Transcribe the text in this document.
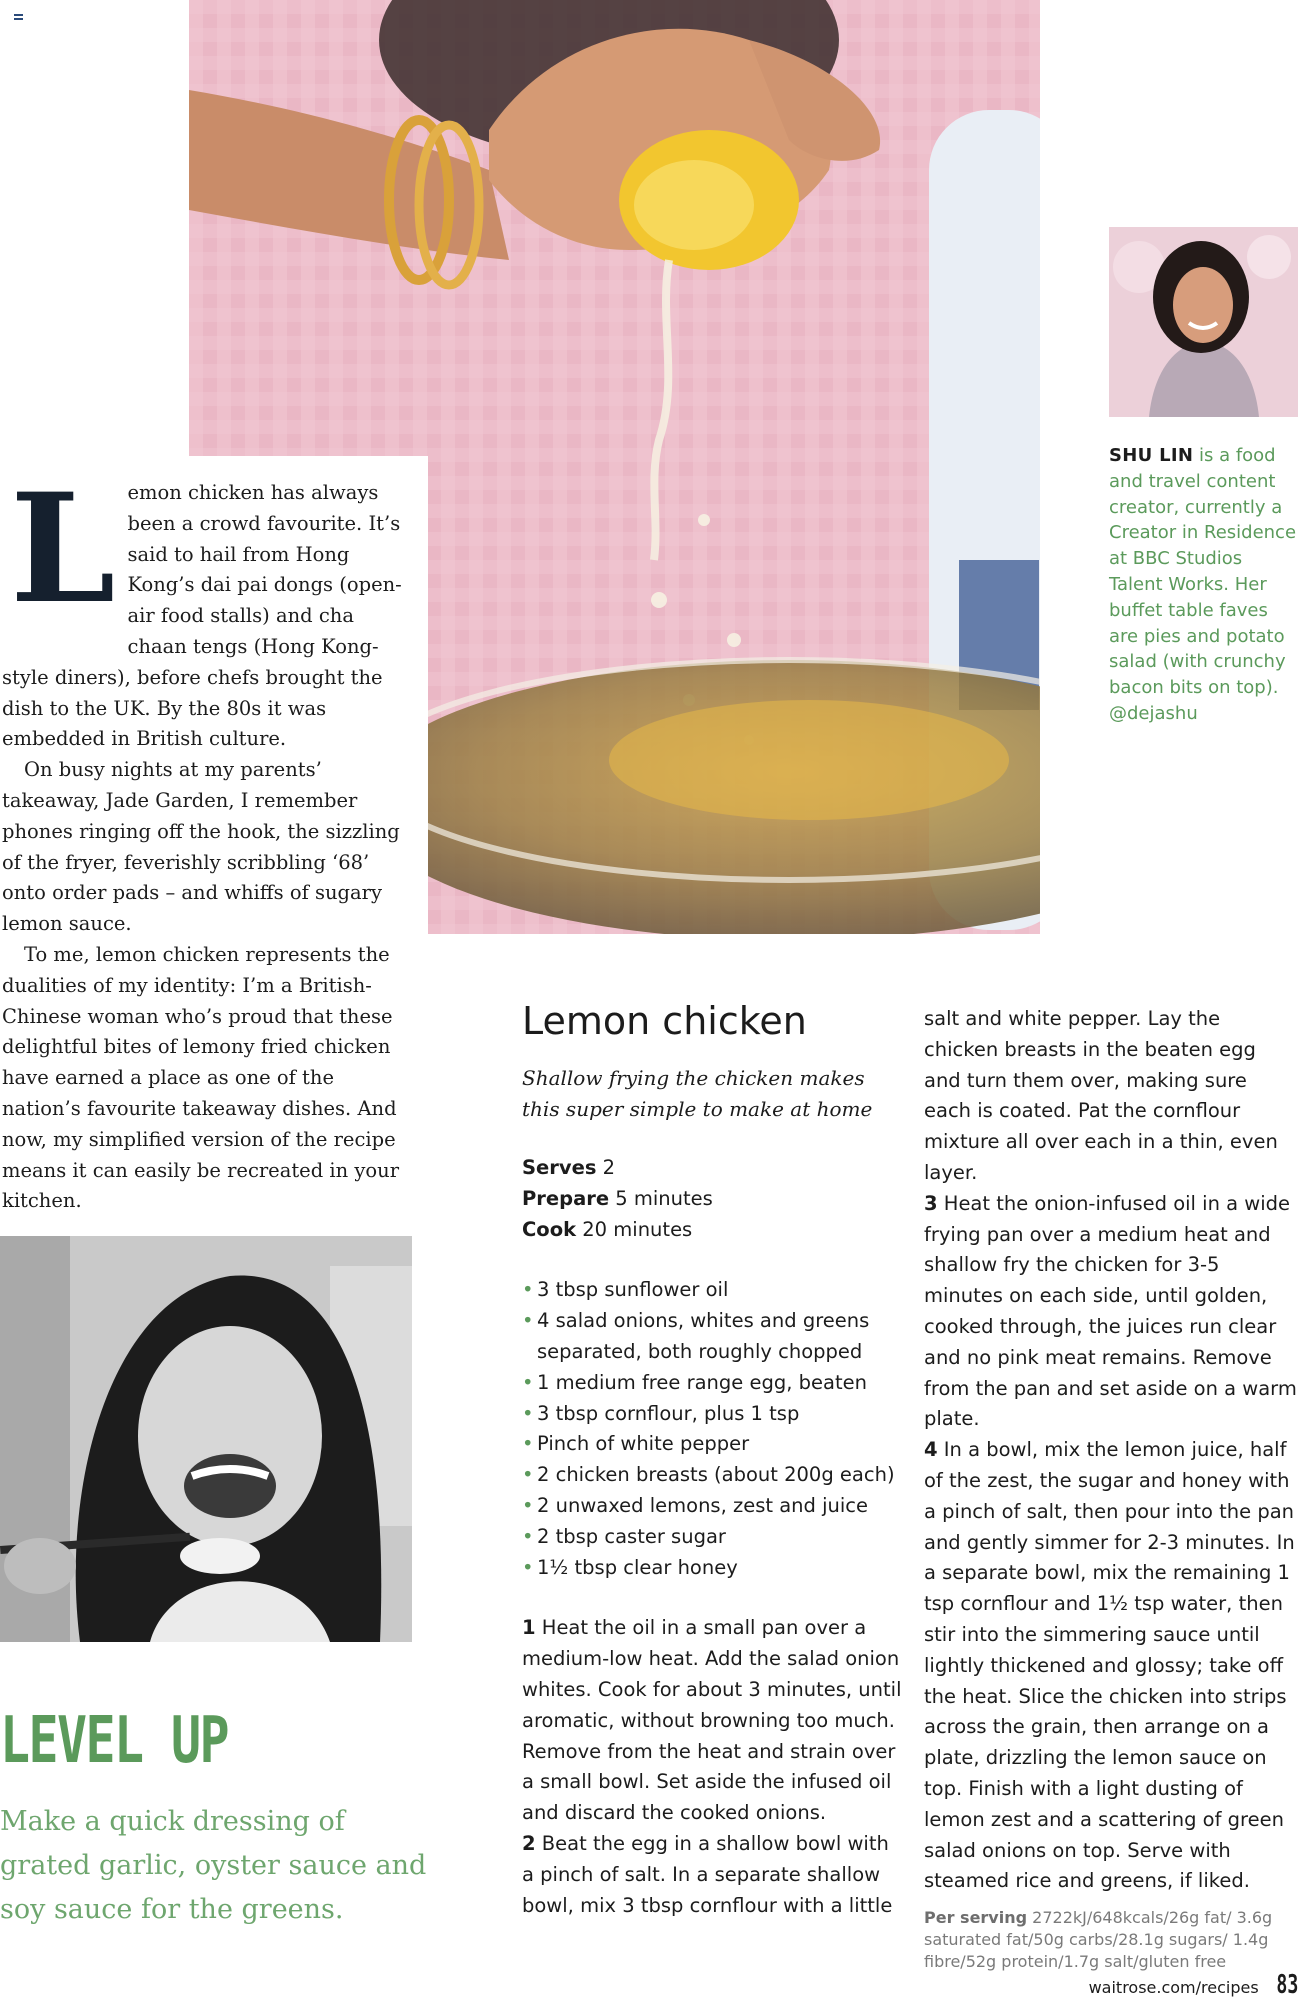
L emon chicken has always been a crowd favourite. It’s said to hail from Hong Kong’s dai pai dongs (open-air food stalls) and cha chaan tengs (Hong Kong-style diners), before chefs brought the dish to the UK. By the 80s it was embedded in British culture.

On busy nights at my parents’ takeaway, Jade Garden, I remember phones ringing off the hook, the sizzling of the fryer, feverishly scribbling ‘68’ onto order pads – and whiffs of sugary lemon sauce.

To me, lemon chicken represents the dualities of my identity: I’m a British-Chinese woman who’s proud that these delightful bites of lemony fried chicken have earned a place as one of the nation’s favourite takeaway dishes. And now, my simplified version of the recipe means it can easily be recreated in your kitchen.

SHU LIN is a food and travel content creator, currently a Creator in Residence at BBC Studios Talent Works. Her buffet table faves are pies and potato salad (with crunchy bacon bits on top). @dejashu
LEVEL UP
Make a quick dressing of grated garlic, oyster sauce and soy sauce for the greens.
Lemon chicken

Shallow frying the chicken makes this super simple to make at home

Serves 2
Prepare 5 minutes
Cook 20 minutes
• 3 tbsp sunflower oil
• 4 salad onions, whites and greens separated, both roughly chopped
• 1 medium free range egg, beaten
• 3 tbsp cornflour, plus 1 tsp
• Pinch of white pepper
• 2 chicken breasts (about 200g each)
• 2 unwaxed lemons, zest and juice
• 2 tbsp caster sugar
• 1½ tbsp clear honey

1 Heat the oil in a small pan over a medium-low heat. Add the salad onion whites. Cook for about 3 minutes, until aromatic, without browning too much. Remove from the heat and strain over a small bowl. Set aside the infused oil and discard the cooked onions.

2 Beat the egg in a shallow bowl with a pinch of salt. In a separate shallow bowl, mix 3 tbsp cornflour with a little

salt and white pepper. Lay the chicken breasts in the beaten egg and turn them over, making sure each is coated. Pat the cornflour mixture all over each in a thin, even layer.

3 Heat the onion-infused oil in a wide frying pan over a medium heat and shallow fry the chicken for 3-5 minutes on each side, until golden, cooked through, the juices run clear and no pink meat remains. Remove from the pan and set aside on a warm plate.

4 In a bowl, mix the lemon juice, half of the zest, the sugar and honey with a pinch of salt, then pour into the pan and gently simmer for 2-3 minutes. In a separate bowl, mix the remaining 1 tsp cornflour and 1½ tsp water, then stir into the simmering sauce until lightly thickened and glossy; take off the heat. Slice the chicken into strips across the grain, then arrange on a plate, drizzling the lemon sauce on top. Finish with a light dusting of lemon zest and a scattering of green salad onions on top. Serve with steamed rice and greens, if liked.

Per serving 2722kJ/648kcals/26g fat/ 3.6g saturated fat/50g carbs/28.1g sugars/ 1.4g fibre/52g protein/1.7g salt/gluten free

waitrose.com/recipes 83
